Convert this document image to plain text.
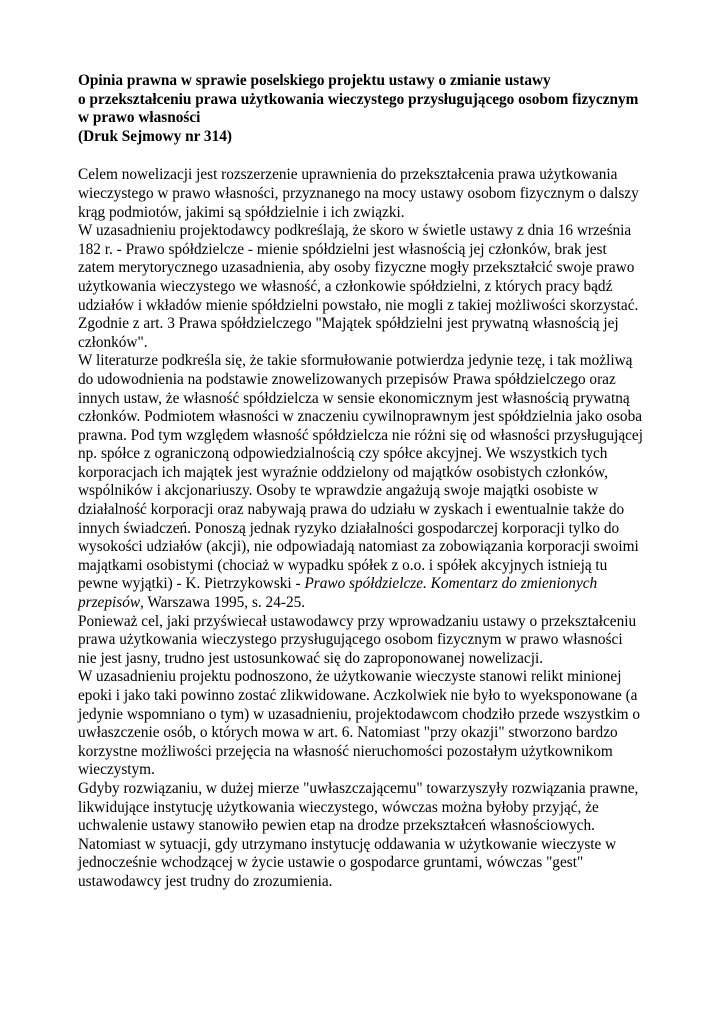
Opinia prawna w sprawie poselskiego projektu ustawy o zmianie ustawy
o przekształceniu prawa użytkowania wieczystego przysługującego osobom fizycznym w prawo własności
(Druk Sejmowy nr 314)

Celem nowelizacji jest rozszerzenie uprawnienia do przekształcenia prawa użytkowania wieczystego w prawo własności, przyznanego na mocy ustawy osobom fizycznym o dalszy krąg podmiotów, jakimi są spółdzielnie i ich związki.

W uzasadnieniu projektodawcy podkreślają, że skoro w świetle ustawy z dnia 16 września 182 r. - Prawo spółdzielcze - mienie spółdzielni jest własnością jej członków, brak jest zatem merytorycznego uzasadnienia, aby osoby fizyczne mogły przekształcić swoje prawo użytkowania wieczystego we własność, a członkowie spółdzielni, z których pracy bądź udziałów i wkładów mienie spółdzielni powstało, nie mogli z takiej możliwości skorzystać. Zgodnie z art. 3 Prawa spółdzielczego "Majątek spółdzielni jest prywatną własnością jej członków".

W literaturze podkreśla się, że takie sformułowanie potwierdza jedynie tezę, i tak możliwą do udowodnienia na podstawie znowelizowanych przepisów Prawa spółdzielczego oraz innych ustaw, że własność spółdzielcza w sensie ekonomicznym jest własnością prywatną członków. Podmiotem własności w znaczeniu cywilnoprawnym jest spółdzielnia jako osoba prawna. Pod tym względem własność spółdzielcza nie różni się od własności przysługującej np. spółce z ograniczoną odpowiedzialnością czy spółce akcyjnej. We wszystkich tych korporacjach ich majątek jest wyraźnie oddzielony od majątków osobistych członków, wspólników i akcjonariuszy. Osoby te wprawdzie angażują swoje majątki osobiste w działalność korporacji oraz nabywają prawa do udziału w zyskach i ewentualnie także do innych świadczeń. Ponoszą jednak ryzyko działalności gospodarczej korporacji tylko do wysokości udziałów (akcji), nie odpowiadają natomiast za zobowiązania korporacji swoimi majątkami osobistymi (chociaż w wypadku spółek z o.o. i spółek akcyjnych istnieją tu pewne wyjątki) - K. Pietrzykowski - Prawo spółdzielcze. Komentarz do zmienionych przepisów, Warszawa 1995, s. 24-25.

Ponieważ cel, jaki przyświecał ustawodawcy przy wprowadzaniu ustawy o przekształceniu prawa użytkowania wieczystego przysługującego osobom fizycznym w prawo własności nie jest jasny, trudno jest ustosunkować się do zaproponowanej nowelizacji.

W uzasadnieniu projektu podnoszono, że użytkowanie wieczyste stanowi relikt minionej epoki i jako taki powinno zostać zlikwidowane. Aczkolwiek nie było to wyeksponowane (a jedynie wspomniano o tym) w uzasadnieniu, projektodawcom chodziło przede wszystkim o uwłaszczenie osób, o których mowa w art. 6. Natomiast "przy okazji" stworzono bardzo korzystne możliwości przejęcia na własność nieruchomości pozostałym użytkownikom wieczystym.

Gdyby rozwiązaniu, w dużej mierze "uwłaszczającemu" towarzyszyły rozwiązania prawne, likwidujące instytucję użytkowania wieczystego, wówczas można byłoby przyjąć, że uchwalenie ustawy stanowiło pewien etap na drodze przekształceń własnościowych. Natomiast w sytuacji, gdy utrzymano instytucję oddawania w użytkowanie wieczyste w jednocześnie wchodzącej w życie ustawie o gospodarce gruntami, wówczas "gest" ustawodawcy jest trudny do zrozumienia.
